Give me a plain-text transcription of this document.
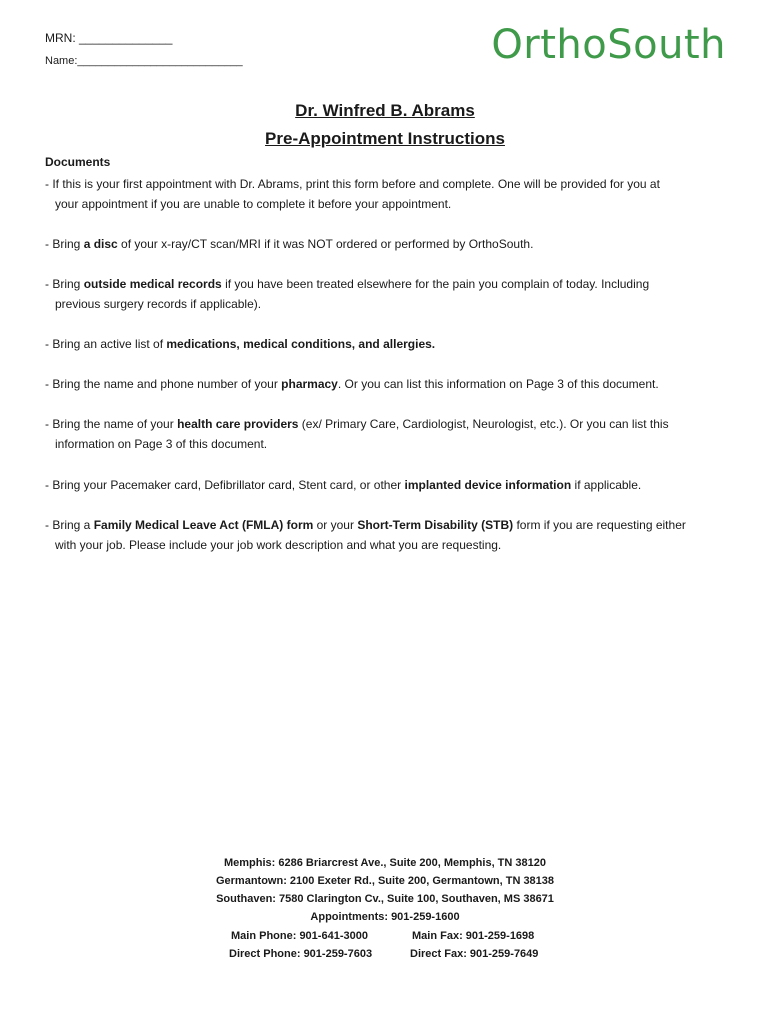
MRN: ______________
Name:___________________________	OrthoSouth
Dr. Winfred B. Abrams
Pre-Appointment Instructions
Documents
- If this is your first appointment with Dr. Abrams, print this form before and complete. One will be provided for you at
your appointment if you are unable to complete it before your appointment.
- Bring a disc of your x-ray/CT scan/MRI if it was NOT ordered or performed by OrthoSouth.
- Bring outside medical records if you have been treated elsewhere for the pain you complain of today. Including
previous surgery records if applicable).
- Bring an active list of medications, medical conditions, and allergies.
- Bring the name and phone number of your pharmacy. Or you can list this information on Page 3 of this document.
- Bring the name of your health care providers (ex/ Primary Care, Cardiologist, Neurologist, etc.). Or you can list this
information on Page 3 of this document.
- Bring your Pacemaker card, Defibrillator card, Stent card, or other implanted device information if applicable.
- Bring a Family Medical Leave Act (FMLA) form or your Short-Term Disability (STB) form if you are requesting either
with your job. Please include your job work description and what you are requesting.
Memphis: 6286 Briarcrest Ave., Suite 200, Memphis, TN 38120
Germantown: 2100 Exeter Rd., Suite 200, Germantown, TN 38138
Southaven: 7580 Clarington Cv., Suite 100, Southaven, MS 38671
Appointments: 901-259-1600
Main Phone: 901-641-3000	Main Fax: 901-259-1698
Direct Phone: 901-259-7603	Direct Fax: 901-259-7649
